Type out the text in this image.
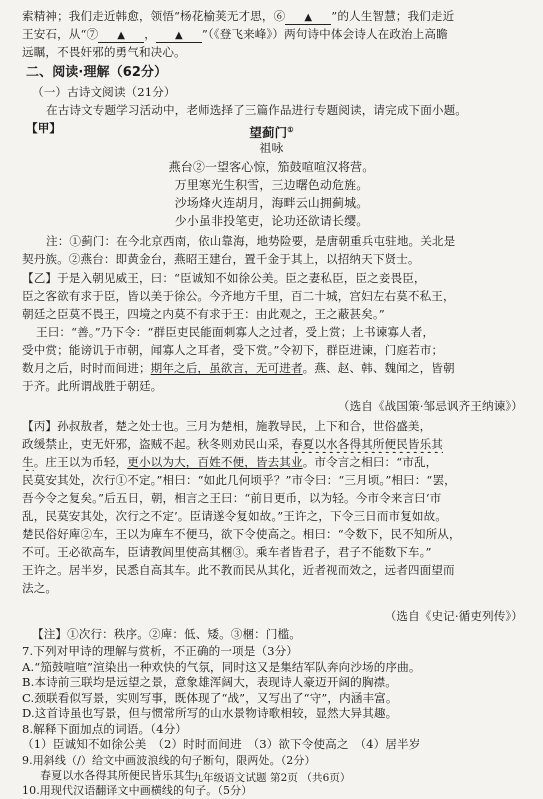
索精神；我们走近韩愈，领悟“杨花榆荚无才思，⑥ ▲ ”的人生智慧；我们走近
王安石，从“⑦ ▲ ， ▲ ”（《登飞来峰》）两句诗中体会诗人在政治上高瞻
远瞩，不畏奸邪的勇气和决心。
二、阅读·理解（62分）
（一）古诗文阅读（21分）
在古诗文专题学习活动中，老师选择了三篇作品进行专题阅读，请完成下面小题。
【甲】	望蓟门①
祖咏
燕台②一望客心惊，笳鼓喧喧汉将营。
万里寒光生积雪，三边曙色动危旌。
沙场烽火连胡月，海畔云山拥蓟城。
少小虽非投笔吏，论功还欲请长缨。
注：①蓟门：在今北京西南，依山靠海，地势险要，是唐朝重兵屯驻地。关北是
契丹族。②燕台：即黄金台，燕昭王建台，置千金于其上，以招纳天下贤士。
【乙】于是入朝见威王，曰：“臣诚知不如徐公美。臣之妻私臣，臣之妾畏臣，
臣之客欲有求于臣，皆以美于徐公。今齐地方千里，百二十城，宫妇左右莫不私王，
朝廷之臣莫不畏王，四境之内莫不有求于王：由此观之，王之蔽甚矣。”
王曰：“善。”乃下令：“群臣吏民能面刺寡人之过者，受上赏；上书谏寡人者，
受中赏；能谤讥于市朝，闻寡人之耳者，受下赏。”令初下，群臣进谏，门庭若市；
数月之后，时时而间进；期年之后，虽欲言，无可进者。燕、赵、韩、魏闻之，皆朝
于齐。此所谓战胜于朝廷。
（选自《战国策·邹忌讽齐王纳谏》）
【丙】孙叔敖者，楚之处士也。三月为楚相，施教导民，上下和合，世俗盛美，
政缓禁止，吏无奸邪，盗贼不起。秋冬则劝民山采，春夏以水各得其所便民皆乐其
生。庄王以为币轻，更小以为大，百姓不便，皆去其业。市令言之相曰：“市乱，
民莫安其处，次行①不定。”相曰：“如此几何顷乎？”市令曰：“三月顷。”相曰：“罢，
吾今令之复矣。”后五日，朝，相言之王曰：“前日更币，以为轻。今市令来言曰‘市
乱，民莫安其处，次行之不定’。臣请遂令复如故。”王许之，下令三日而市复如故。
楚民俗好庳②车，王以为庳车不便马，欲下令使高之。相曰：“令数下，民不知所从，
不可。王必欲高车，臣请教闾里使高其梱③。乘车者皆君子，君子不能数下车。”
王许之。居半岁，民悉自高其车。此不教而民从其化，近者视而效之，远者四面望而
法之。
（选自《史记·循吏列传》）
【注】①次行：秩序。②庳：低、矮。③梱：门槛。
7.下列对甲诗的理解与赏析，不正确的一项是（3分）
A.“笳鼓喧喧”渲染出一种欢快的气氛，同时这又是集结军队奔向沙场的序曲。
B.本诗前三联均是远望之景，意象雄浑阔大，表现诗人豪迈开阔的胸襟。
C.颈联看似写景，实则写事，既体现了“战”，又写出了“守”，内涵丰富。
D.这首诗虽也写景，但与惯常所写的山水景物诗歌相较，显然大异其趣。
8.解释下面加点的词语。（4分）
（1）臣诚知不如徐公美　（2）时时而间进　（3）欲下令使高之　（4）居半岁
9.用斜线（/）给文中画波浪线的句子断句，限两处。（2分）
春夏以水各得其所便民皆乐其生
10.用现代汉语翻译文中画横线的句子。（5分）
九年级语文试题 第2页 （共6页）
